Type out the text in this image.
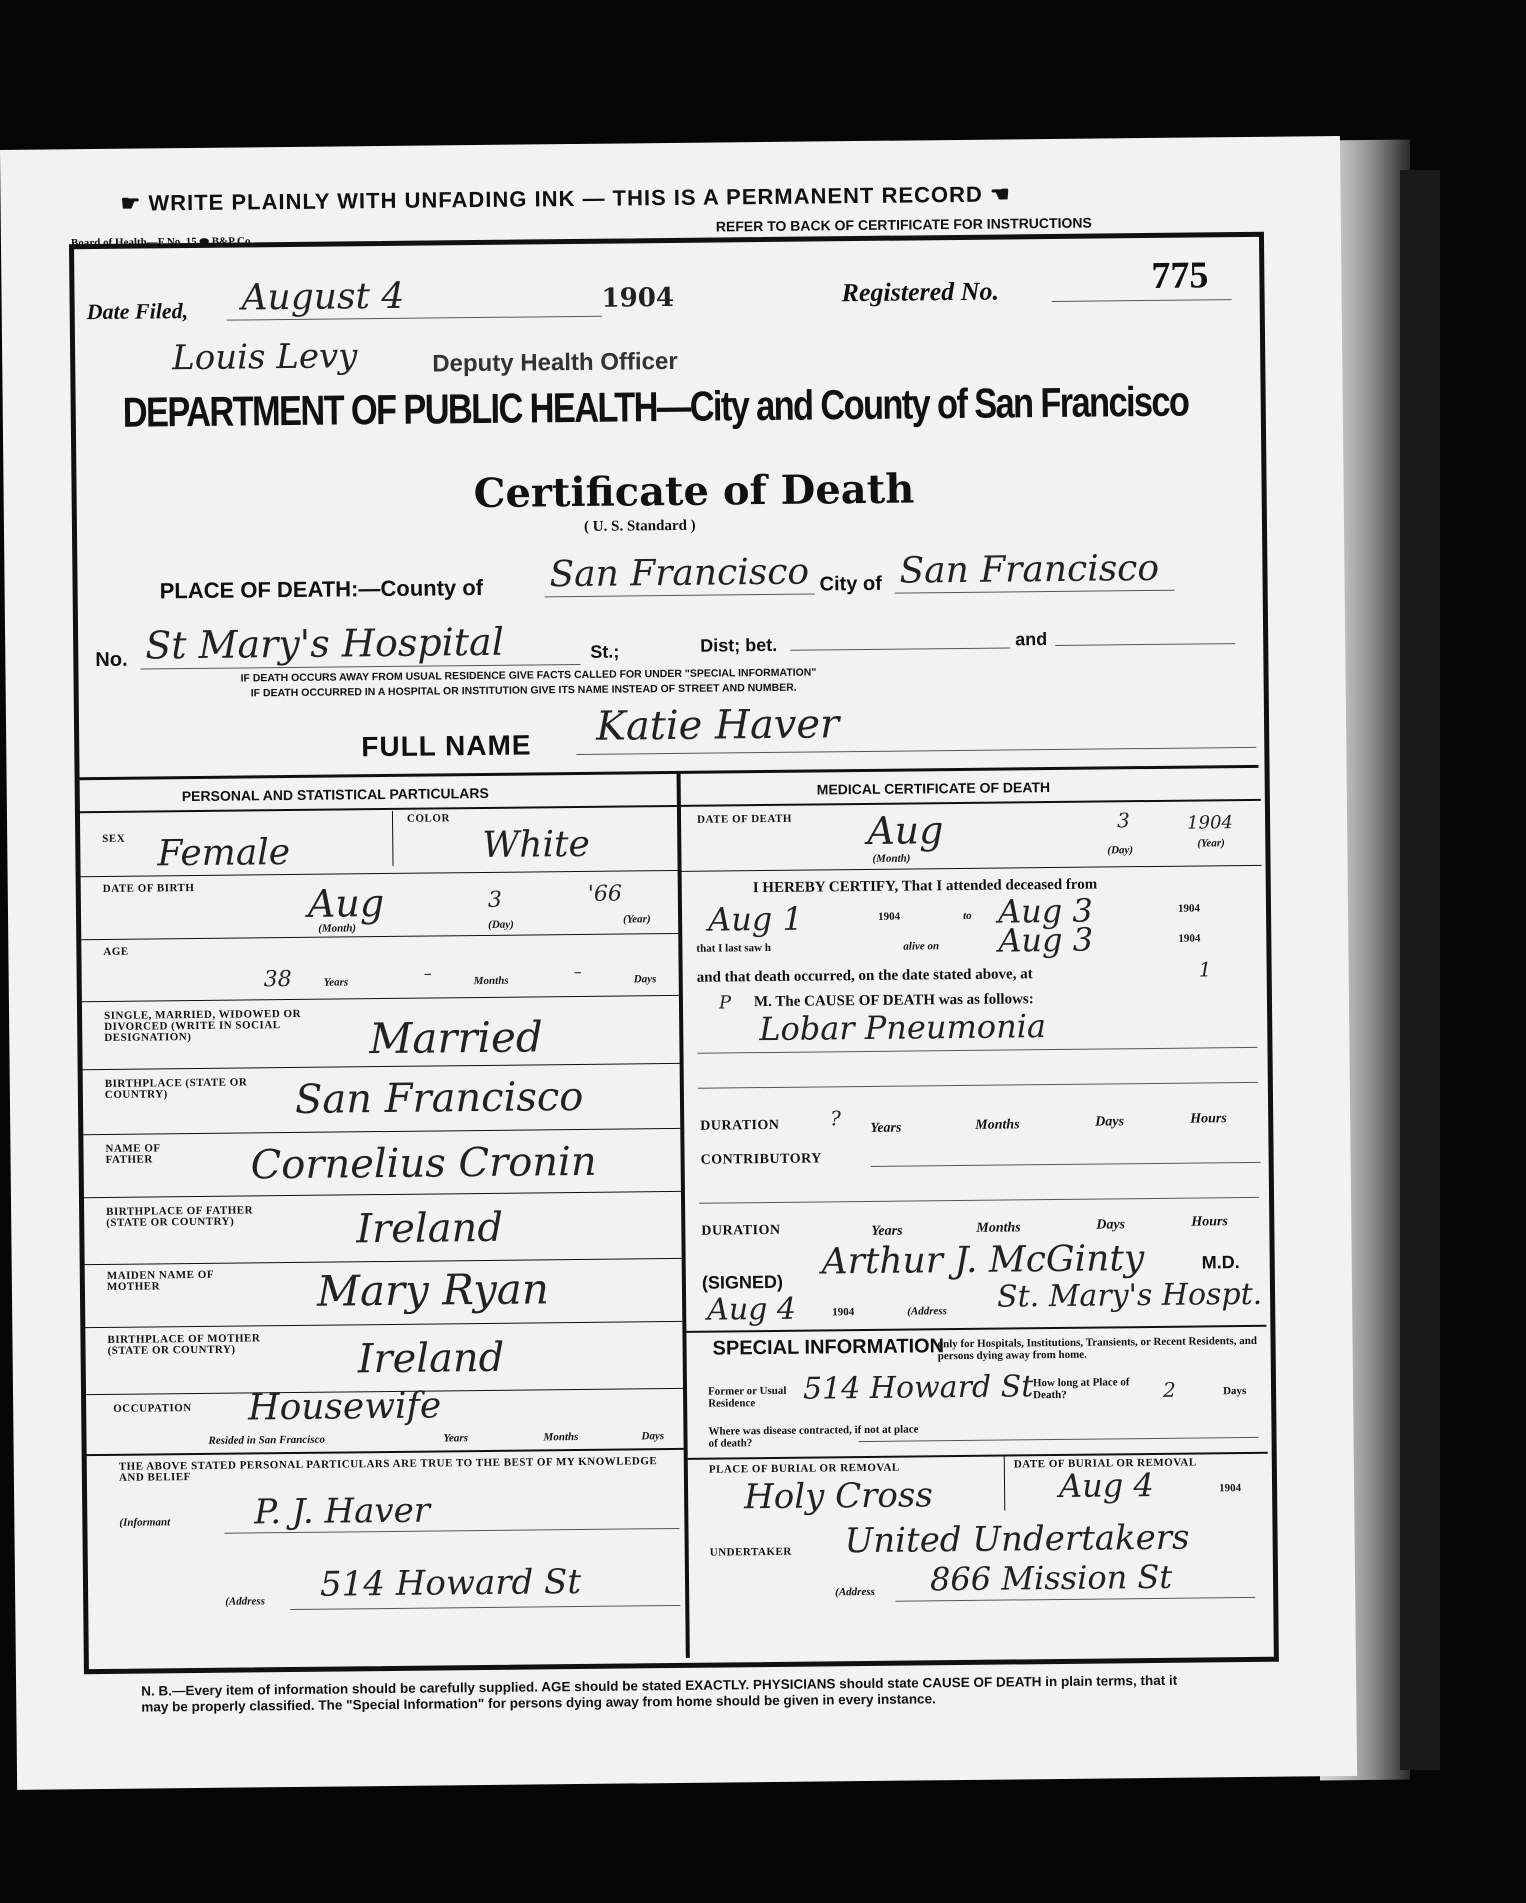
☛ WRITE PLAINLY WITH UNFADING INK — THIS IS A PERMANENT RECORD ☚
Board of Health—F No. 15 ⬬ B&P Co
REFER TO BACK OF CERTIFICATE FOR INSTRUCTIONS
Date Filed, August 4	1904	Registered No.	775
Louis Levy	Deputy Health Officer
DEPARTMENT OF PUBLIC HEALTH—City and County of San Francisco
Certificate of Death
( U. S. Standard )
PLACE OF DEATH:—County of San Francisco City of San Francisco
No. St Mary's Hospital	St.;	Dist; bet.	and
IF DEATH OCCURS AWAY FROM USUAL RESIDENCE GIVE FACTS CALLED FOR UNDER "SPECIAL INFORMATION"
IF DEATH OCCURRED IN A HOSPITAL OR INSTITUTION GIVE ITS NAME INSTEAD OF STREET AND NUMBER.
FULL NAME Katie Haver
PERSONAL AND STATISTICAL PARTICULARS
SEX Female
COLOR
White
DATE OF BIRTH	Aug	3	'66
(Month)	(Day)	(Year)
AGE
38	Years	–	Months	–	Days
SINGLE, MARRIED, WIDOWED OR DIVORCED (WRITE IN SOCIAL DESIGNATION)	Married
BIRTHPLACE (STATE OR COUNTRY)	San Francisco
NAME OF FATHER	Cornelius Cronin
BIRTHPLACE OF FATHER (STATE OR COUNTRY)	Ireland
MAIDEN NAME OF MOTHER	Mary Ryan
BIRTHPLACE OF MOTHER (STATE OR COUNTRY)	Ireland
OCCUPATION Housewife
Resided in San Francisco	Years	Months	Days
THE ABOVE STATED PERSONAL PARTICULARS ARE TRUE TO THE BEST OF MY KNOWLEDGE AND BELIEF
(Informant P. J. Haver
(Address 514 Howard St
MEDICAL CERTIFICATE OF DEATH
DATE OF DEATH Aug	3	1904
(Month)
(Day)
(Year)
I HEREBY CERTIFY, That I attended deceased from
Aug 1	1904	to Aug 3	1904
that I last saw h	alive on Aug 3	1904
and that death occurred, on the date stated above, at	1
P M. The CAUSE OF DEATH was as follows:
Lobar Pneumonia
DURATION	? Years	Months	Days	Hours
CONTRIBUTORY
DURATION	Years	Months	Days	Hours
(SIGNED) Arthur J. McGinty	M.D.
Aug 4	1904	(Address St. Mary's Hospt.
SPECIAL INFORMATION
only for Hospitals, Institutions, Transients, or Recent Residents, and persons dying away from home.
Former or Usual Residence	514 Howard St How long at Place of Death?	2	Days
Where was disease contracted, if not at place of death?
PLACE OF BURIAL OR REMOVAL
Holy Cross
DATE OF BURIAL OR REMOVAL
Aug 4	1904
UNDERTAKER United Undertakers
(Address 866 Mission St
N. B.—Every item of information should be carefully supplied. AGE should be stated EXACTLY. PHYSICIANS should state CAUSE OF DEATH in plain terms, that it may be properly classified. The "Special Information" for persons dying away from home should be given in every instance.
